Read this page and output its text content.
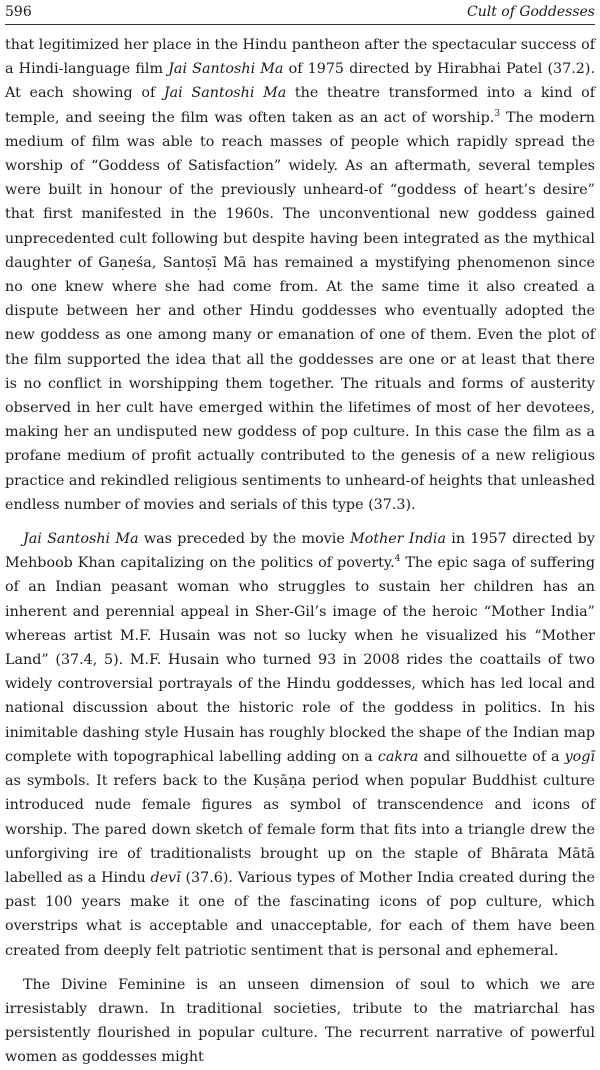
596	Cult of Goddesses

that legitimized her place in the Hindu pantheon after the spectacular success of a Hindi-language film Jai Santoshi Ma of 1975 directed by Hirabhai Patel (37.2). At each showing of Jai Santoshi Ma the theatre transformed into a kind of temple, and seeing the film was often taken as an act of worship.$^3$ The modern medium of film was able to reach masses of people which rapidly spread the worship of “Goddess of Satisfaction” widely. As an aftermath, several temples were built in honour of the previously unheard-of “goddess of heart’s desire” that first manifested in the 1960s. The unconventional new goddess gained unprecedented cult following but despite having been integrated as the mythical daughter of Gaṇeśa, Santoṣī Mā has remained a mystifying phenomenon since no one knew where she had come from. At the same time it also created a dispute between her and other Hindu goddesses who eventually adopted the new goddess as one among many or emanation of one of them. Even the plot of the film supported the idea that all the goddesses are one or at least that there is no conflict in worshipping them together. The rituals and forms of austerity observed in her cult have emerged within the lifetimes of most of her devotees, making her an undisputed new goddess of pop culture. In this case the film as a profane medium of profit actually contributed to the genesis of a new religious practice and rekindled religious sentiments to unheard-of heights that unleashed endless number of movies and serials of this type (37.3).

Jai Santoshi Ma was preceded by the movie Mother India in 1957 directed by Mehboob Khan capitalizing on the politics of poverty.$^4$ The epic saga of suffering of an Indian peasant woman who struggles to sustain her children has an inherent and perennial appeal in Sher-Gil’s image of the heroic “Mother India” whereas artist M.F. Husain was not so lucky when he visualized his “Mother Land” (37.4, 5). M.F. Husain who turned 93 in 2008 rides the coattails of two widely controversial portrayals of the Hindu goddesses, which has led local and national discussion about the historic role of the goddess in politics. In his inimitable dashing style Husain has roughly blocked the shape of the Indian map complete with topographical labelling adding on a cakra and silhouette of a yogī as symbols. It refers back to the Kuṣāṇa period when popular Buddhist culture introduced nude female figures as symbol of transcendence and icons of worship. The pared down sketch of female form that fits into a triangle drew the unforgiving ire of traditionalists brought up on the staple of Bhārata Mātā labelled as a Hindu devī (37.6). Various types of Mother India created during the past 100 years make it one of the fascinating icons of pop culture, which overstrips what is acceptable and unacceptable, for each of them have been created from deeply felt patriotic sentiment that is personal and ephemeral.

The Divine Feminine is an unseen dimension of soul to which we are irresistably drawn. In traditional societies, tribute to the matriarchal has persistently flourished in popular culture. The recurrent narrative of powerful women as goddesses might
